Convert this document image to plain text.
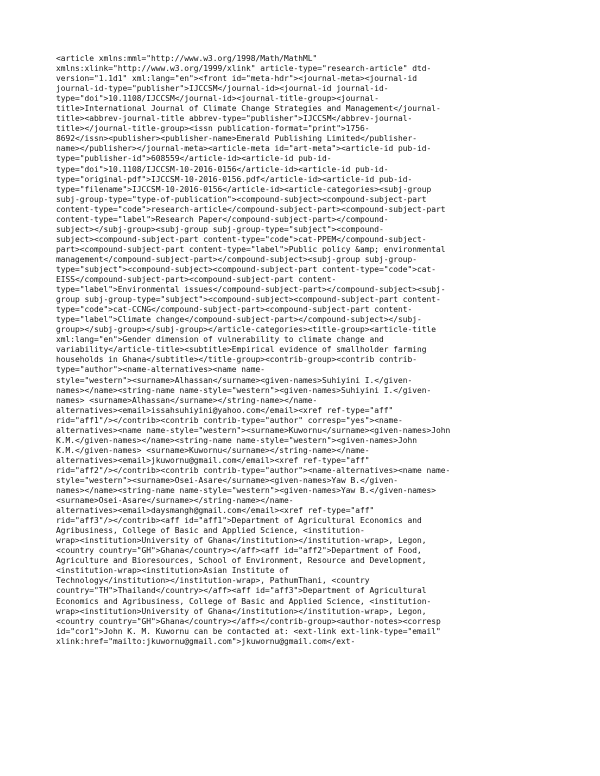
<article xmlns:mml="http://www.w3.org/1998/Math/MathML"
xmlns:xlink="http://www.w3.org/1999/xlink" article-type="research-article" dtd-
version="1.1d1" xml:lang="en"><front id="meta-hdr"><journal-meta><journal-id
journal-id-type="publisher">IJCCSM</journal-id><journal-id journal-id-
type="doi">10.1108/IJCCSM</journal-id><journal-title-group><journal-
title>International Journal of Climate Change Strategies and Management</journal-
title><abbrev-journal-title abbrev-type="publisher">IJCCSM</abbrev-journal-
title></journal-title-group><issn publication-format="print">1756-
8692</issn><publisher><publisher-name>Emerald Publishing Limited</publisher-
name></publisher></journal-meta><article-meta id="art-meta"><article-id pub-id-
type="publisher-id">608559</article-id><article-id pub-id-
type="doi">10.1108/IJCCSM-10-2016-0156</article-id><article-id pub-id-
type="original-pdf">IJCCSM-10-2016-0156.pdf</article-id><article-id pub-id-
type="filename">IJCCSM-10-2016-0156</article-id><article-categories><subj-group
subj-group-type="type-of-publication"><compound-subject><compound-subject-part
content-type="code">research-article</compound-subject-part><compound-subject-part
content-type="label">Research Paper</compound-subject-part></compound-
subject></subj-group><subj-group subj-group-type="subject"><compound-
subject><compound-subject-part content-type="code">cat-PPEM</compound-subject-
part><compound-subject-part content-type="label">Public policy &amp; environmental
management</compound-subject-part></compound-subject><subj-group subj-group-
type="subject"><compound-subject><compound-subject-part content-type="code">cat-
EISS</compound-subject-part><compound-subject-part content-
type="label">Environmental issues</compound-subject-part></compound-subject><subj-
group subj-group-type="subject"><compound-subject><compound-subject-part content-
type="code">cat-CCNG</compound-subject-part><compound-subject-part content-
type="label">Climate change</compound-subject-part></compound-subject></subj-
group></subj-group></subj-group></article-categories><title-group><article-title
xml:lang="en">Gender dimension of vulnerability to climate change and
variability</article-title><subtitle>Empirical evidence of smallholder farming
households in Ghana</subtitle></title-group><contrib-group><contrib contrib-
type="author"><name-alternatives><name name-
style="western"><surname>Alhassan</surname><given-names>Suhiyini I.</given-
names></name><string-name name-style="western"><given-names>Suhiyini I.</given-
names> <surname>Alhassan</surname></string-name></name-
alternatives><email>issahsuhiyini@yahoo.com</email><xref ref-type="aff"
rid="aff1"/></contrib><contrib contrib-type="author" corresp="yes"><name-
alternatives><name name-style="western"><surname>Kuwornu</surname><given-names>John
K.M.</given-names></name><string-name name-style="western"><given-names>John
K.M.</given-names> <surname>Kuwornu</surname></string-name></name-
alternatives><email>jkuwornu@gmail.com</email><xref ref-type="aff"
rid="aff2"/></contrib><contrib contrib-type="author"><name-alternatives><name name-
style="western"><surname>Osei-Asare</surname><given-names>Yaw B.</given-
names></name><string-name name-style="western"><given-names>Yaw B.</given-names>
<surname>Osei-Asare</surname></string-name></name-
alternatives><email>daysmangh@gmail.com</email><xref ref-type="aff"
rid="aff3"/></contrib><aff id="aff1">Department of Agricultural Economics and
Agribusiness, College of Basic and Applied Science, <institution-
wrap><institution>University of Ghana</institution></institution-wrap>, Legon,
<country country="GH">Ghana</country></aff><aff id="aff2">Department of Food,
Agriculture and Bioresources, School of Environment, Resource and Development,
<institution-wrap><institution>Asian Institute of
Technology</institution></institution-wrap>, PathumThani, <country
country="TH">Thailand</country></aff><aff id="aff3">Department of Agricultural
Economics and Agribusiness, College of Basic and Applied Science, <institution-
wrap><institution>University of Ghana</institution></institution-wrap>, Legon,
<country country="GH">Ghana</country></aff></contrib-group><author-notes><corresp
id="cor1">John K. M. Kuwornu can be contacted at: <ext-link ext-link-type="email"
xlink:href="mailto:jkuwornu@gmail.com">jkuwornu@gmail.com</ext-
